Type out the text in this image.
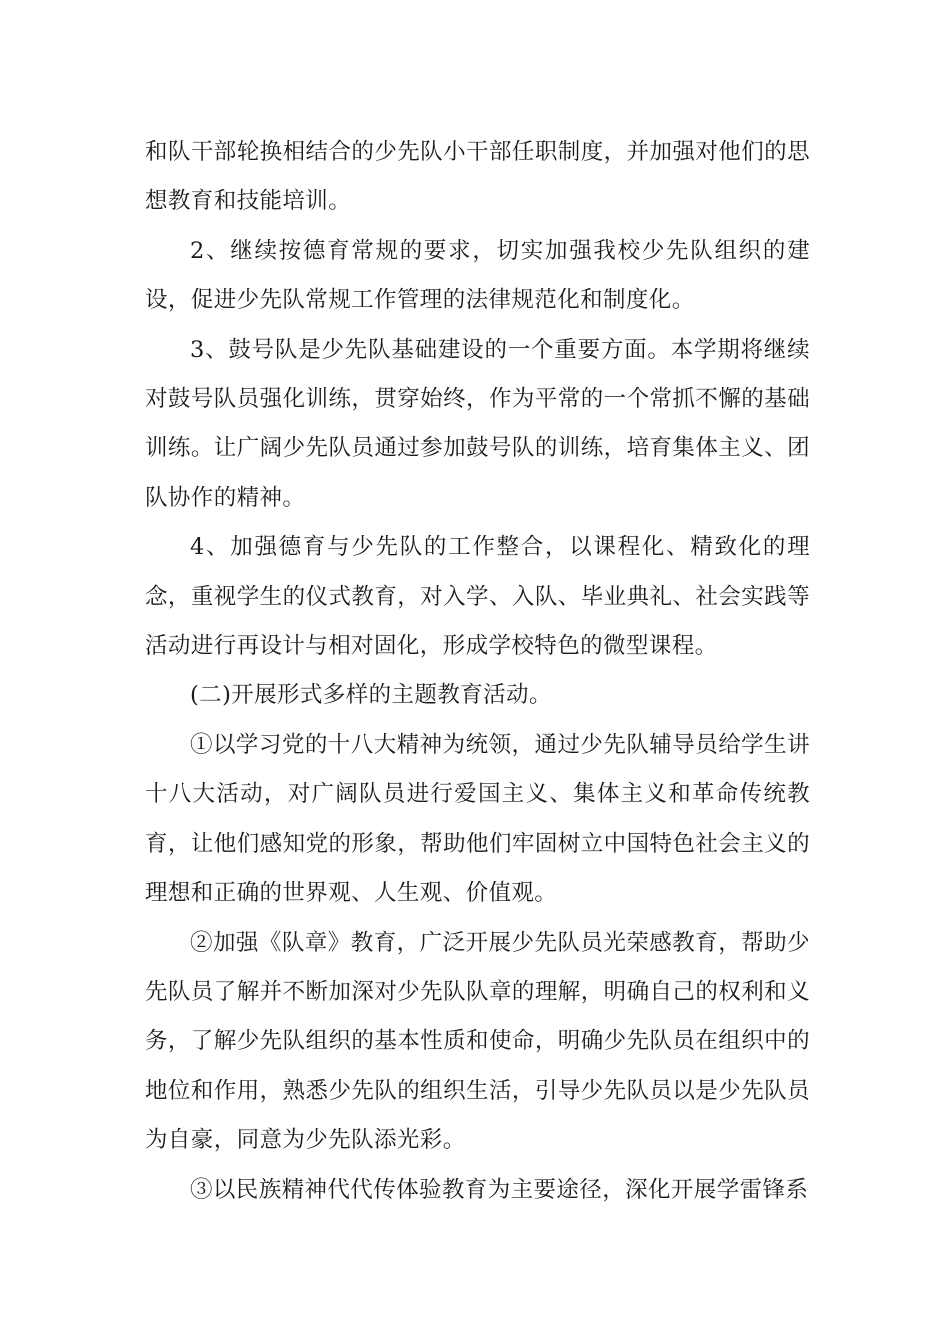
和队干部轮换相结合的少先队小干部任职制度，并加强对他们的思想教育和技能培训。

2、继续按德育常规的要求，切实加强我校少先队组织的建设，促进少先队常规工作管理的法律规范化和制度化。

3、鼓号队是少先队基础建设的一个重要方面。本学期将继续对鼓号队员强化训练，贯穿始终，作为平常的一个常抓不懈的基础训练。让广阔少先队员通过参加鼓号队的训练，培育集体主义、团队协作的精神。

4、加强德育与少先队的工作整合，以课程化、精致化的理念，重视学生的仪式教育，对入学、入队、毕业典礼、社会实践等活动进行再设计与相对固化，形成学校特色的微型课程。

(二)开展形式多样的主题教育活动。

①以学习党的十八大精神为统领，通过少先队辅导员给学生讲十八大活动，对广阔队员进行爱国主义、集体主义和革命传统教育，让他们感知党的形象，帮助他们牢固树立中国特色社会主义的理想和正确的世界观、人生观、价值观。

②加强《队章》教育，广泛开展少先队员光荣感教育，帮助少先队员了解并不断加深对少先队队章的理解，明确自己的权利和义务，了解少先队组织的基本性质和使命，明确少先队员在组织中的地位和作用，熟悉少先队的组织生活，引导少先队员以是少先队员为自豪，同意为少先队添光彩。

③以民族精神代代传体验教育为主要途径，深化开展学雷锋系
